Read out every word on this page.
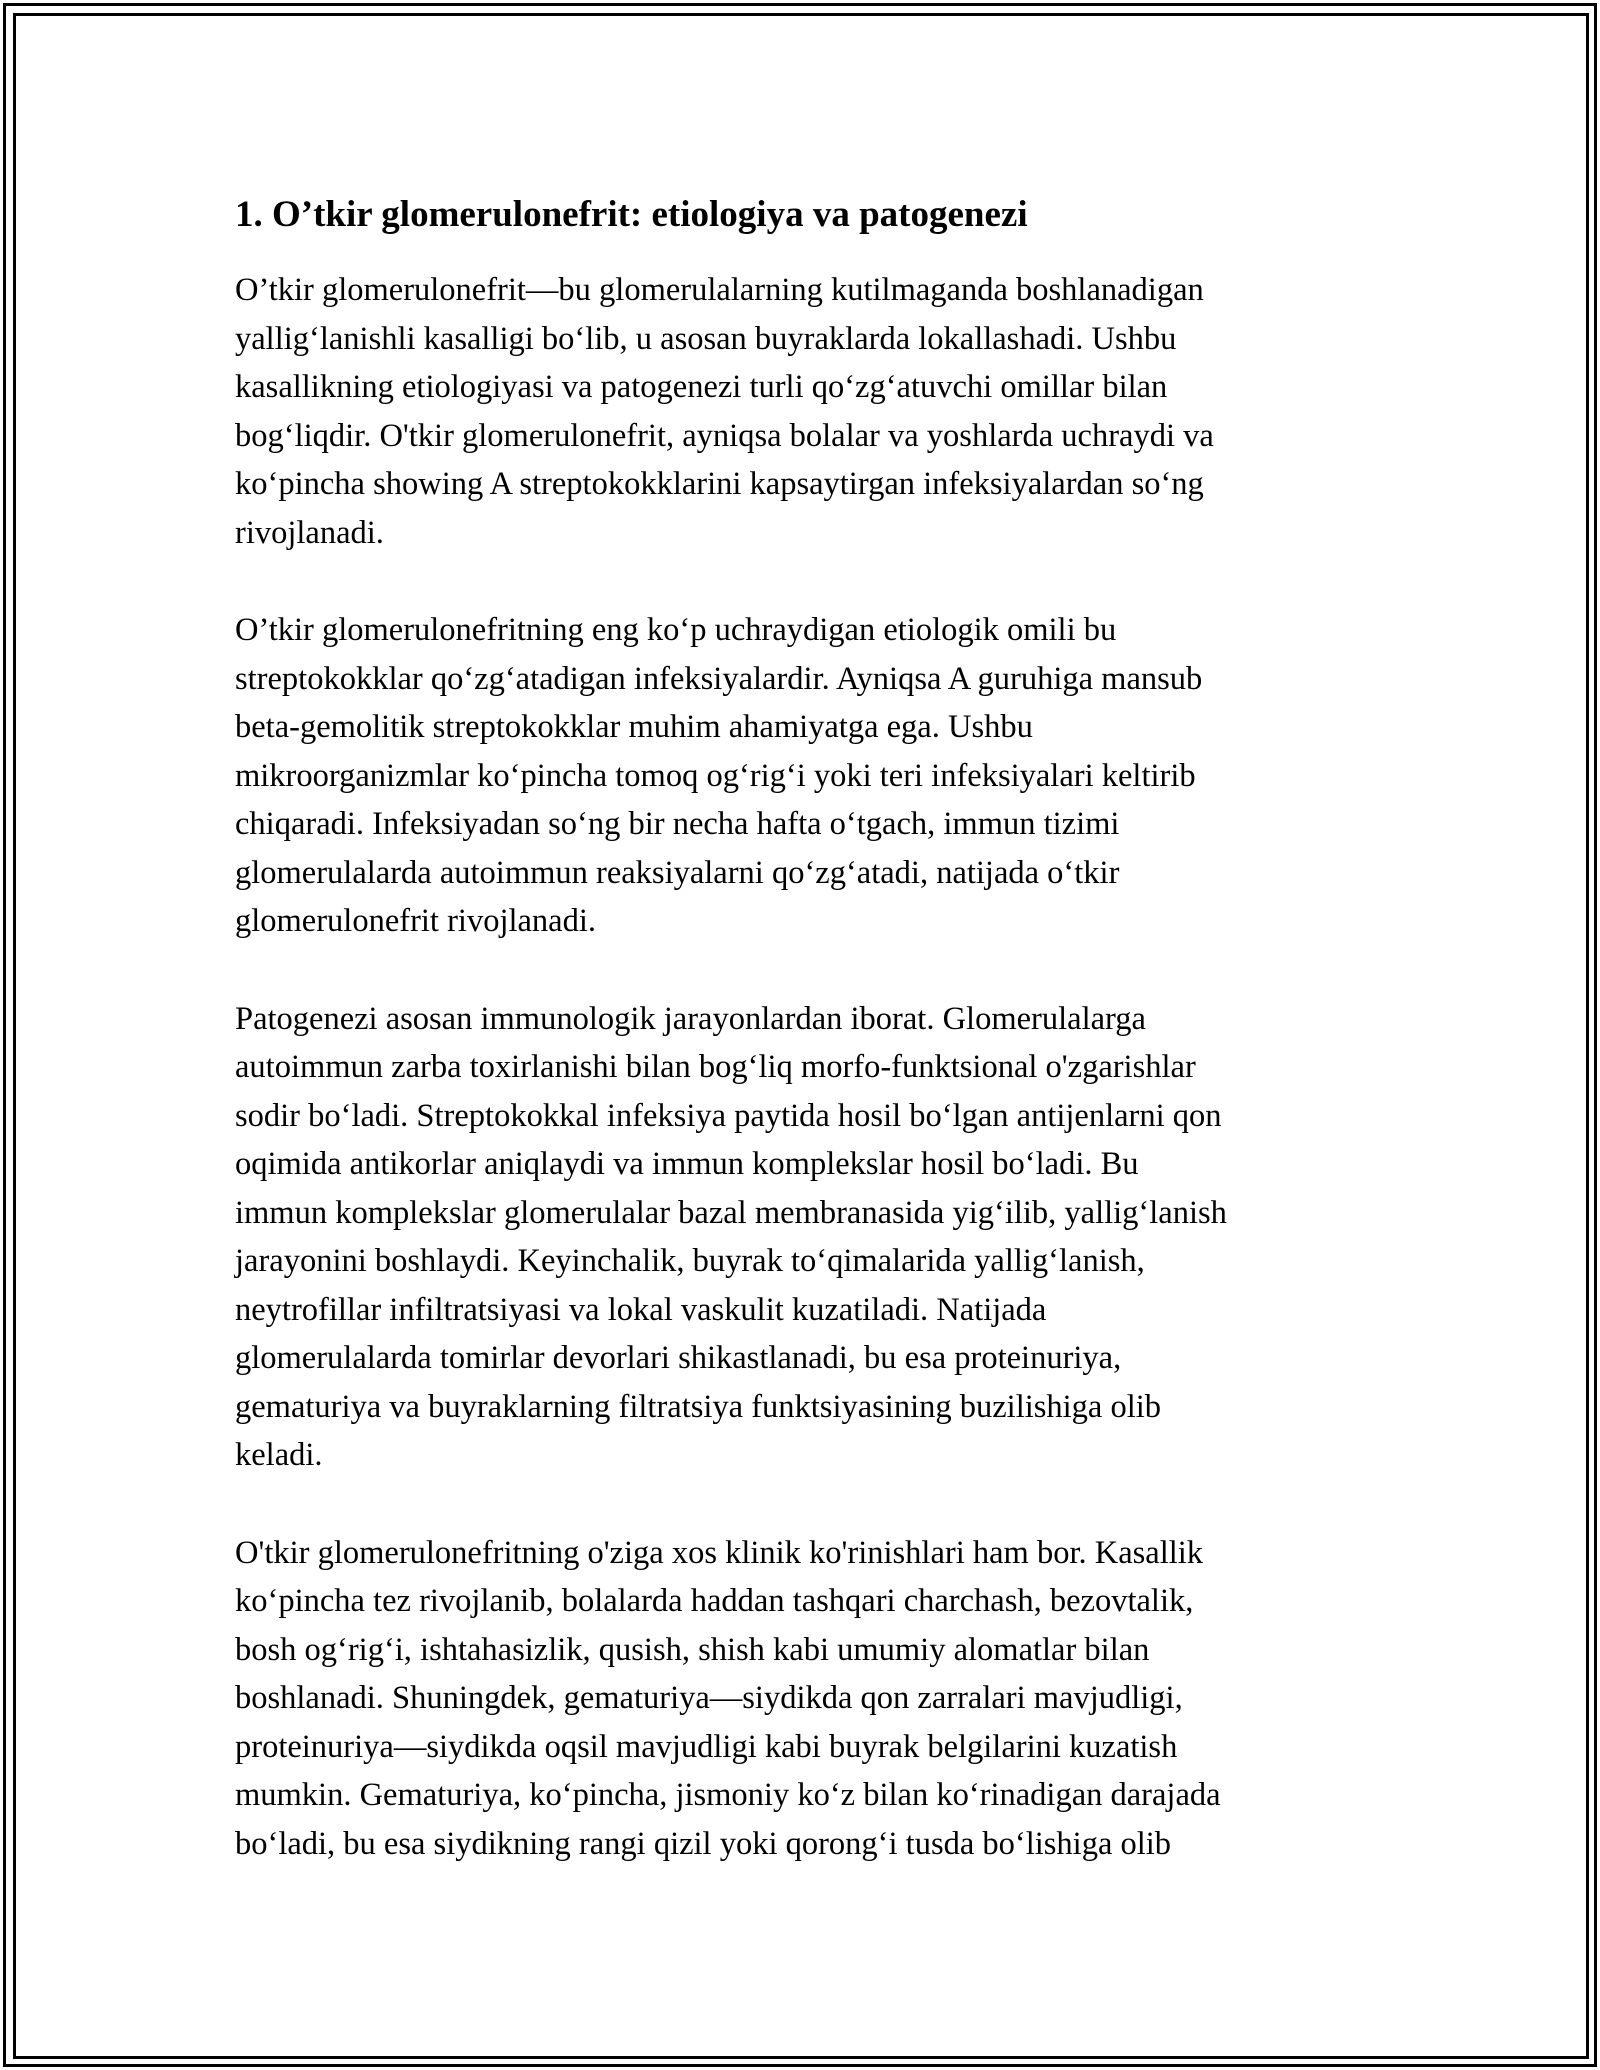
1. O’tkir glomerulonefrit: etiologiya va patogenezi

O’tkir glomerulonefrit—bu glomerulalarning kutilmaganda boshlanadigan
yallig‘lanishli kasalligi bo‘lib, u asosan buyraklarda lokallashadi. Ushbu
kasallikning etiologiyasi va patogenezi turli qo‘zg‘atuvchi omillar bilan
bog‘liqdir. O'tkir glomerulonefrit, ayniqsa bolalar va yoshlarda uchraydi va
ko‘pincha showing A streptokokklarini kapsaytirgan infeksiyalardan so‘ng
rivojlanadi.

O’tkir glomerulonefritning eng ko‘p uchraydigan etiologik omili bu
streptokokklar qo‘zg‘atadigan infeksiyalardir. Ayniqsa A guruhiga mansub
beta-gemolitik streptokokklar muhim ahamiyatga ega. Ushbu
mikroorganizmlar ko‘pincha tomoq og‘rig‘i yoki teri infeksiyalari keltirib
chiqaradi. Infeksiyadan so‘ng bir necha hafta o‘tgach, immun tizimi
glomerulalarda autoimmun reaksiyalarni qo‘zg‘atadi, natijada o‘tkir
glomerulonefrit rivojlanadi.

Patogenezi asosan immunologik jarayonlardan iborat. Glomerulalarga
autoimmun zarba toxirlanishi bilan bog‘liq morfo-funktsional o'zgarishlar
sodir bo‘ladi. Streptokokkal infeksiya paytida hosil bo‘lgan antijenlarni qon
oqimida antikorlar aniqlaydi va immun komplekslar hosil bo‘ladi. Bu
immun komplekslar glomerulalar bazal membranasida yig‘ilib, yallig‘lanish
jarayonini boshlaydi. Keyinchalik, buyrak to‘qimalarida yallig‘lanish,
neytrofillar infiltratsiyasi va lokal vaskulit kuzatiladi. Natijada
glomerulalarda tomirlar devorlari shikastlanadi, bu esa proteinuriya,
gematuriya va buyraklarning filtratsiya funktsiyasining buzilishiga olib
keladi.

O'tkir glomerulonefritning o'ziga xos klinik ko'rinishlari ham bor. Kasallik
ko‘pincha tez rivojlanib, bolalarda haddan tashqari charchash, bezovtalik,
bosh og‘rig‘i, ishtahasizlik, qusish, shish kabi umumiy alomatlar bilan
boshlanadi. Shuningdek, gematuriya—siydikda qon zarralari mavjudligi,
proteinuriya—siydikda oqsil mavjudligi kabi buyrak belgilarini kuzatish
mumkin. Gematuriya, ko‘pincha, jismoniy ko‘z bilan ko‘rinadigan darajada
bo‘ladi, bu esa siydikning rangi qizil yoki qorong‘i tusda bo‘lishiga olib
